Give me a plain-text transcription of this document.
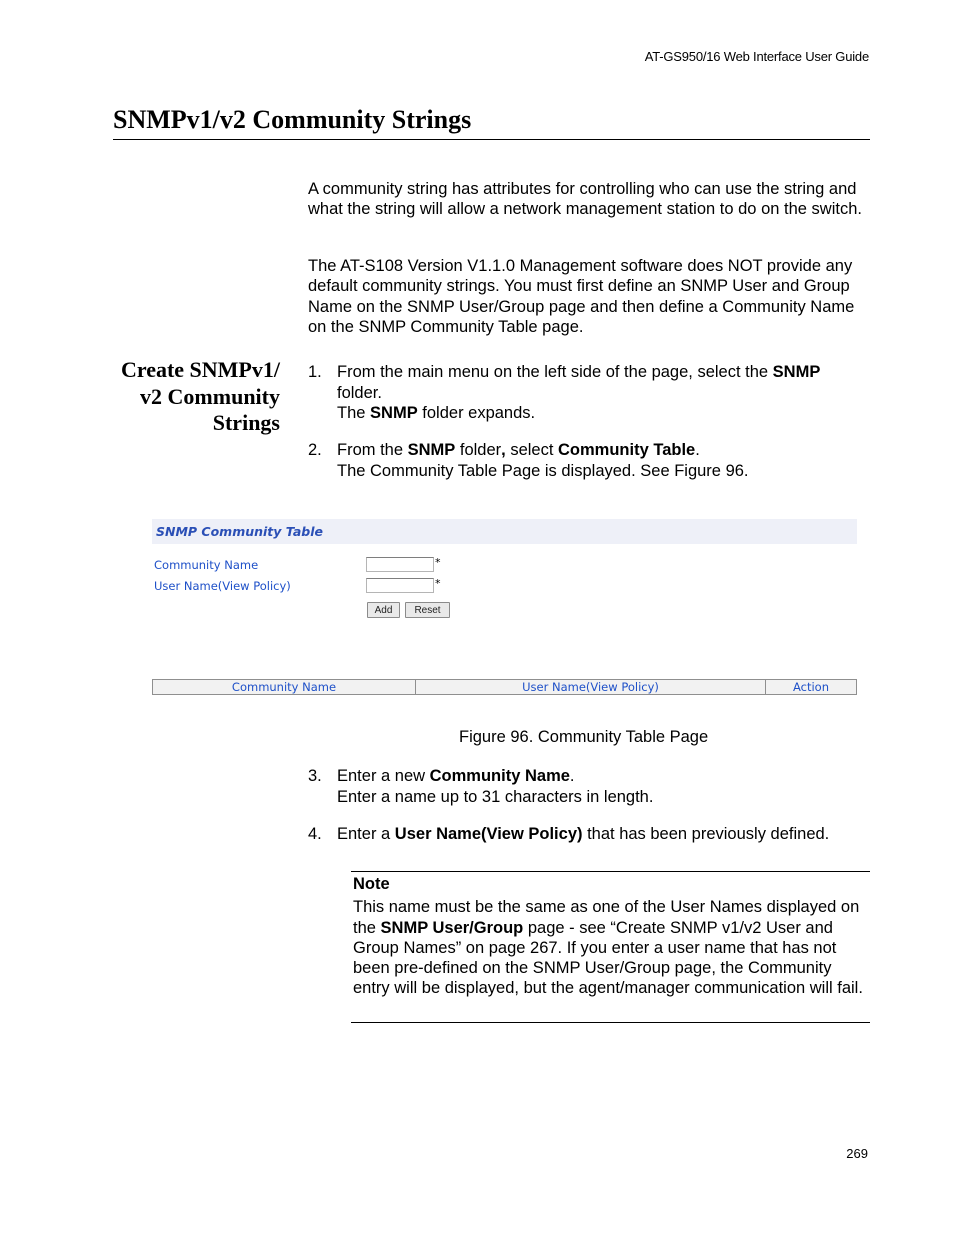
AT-GS950/16 Web Interface User Guide
SNMPv1/v2 Community Strings

A community string has attributes for controlling who can use the string and what the string will allow a network management station to do on the switch.

The AT-S108 Version V1.1.0 Management software does NOT provide any default community strings. You must first define an SNMP User and Group Name on the SNMP User/Group page and then define a Community Name on the SNMP Community Table page.

Create SNMPv1/
v2 Community
Strings
1. From the main menu on the left side of the page, select the SNMP folder.
The SNMP folder expands.
2. From the SNMP folder, select Community Table.
The Community Table Page is displayed. See Figure 96.
SNMP Community Table
Community Name	*
User Name(View Policy)	*
Add	Reset
Community Name	User Name(View Policy)	Action
Figure 96. Community Table Page
3. Enter a new Community Name.
Enter a name up to 31 characters in length.
4. Enter a User Name(View Policy) that has been previously defined.
Note
This name must be the same as one of the User Names displayed on the SNMP User/Group page - see “Create SNMP v1/v2 User and Group Names” on page 267. If you enter a user name that has not been pre-defined on the SNMP User/Group page, the Community entry will be displayed, but the agent/manager communication will fail.
269
